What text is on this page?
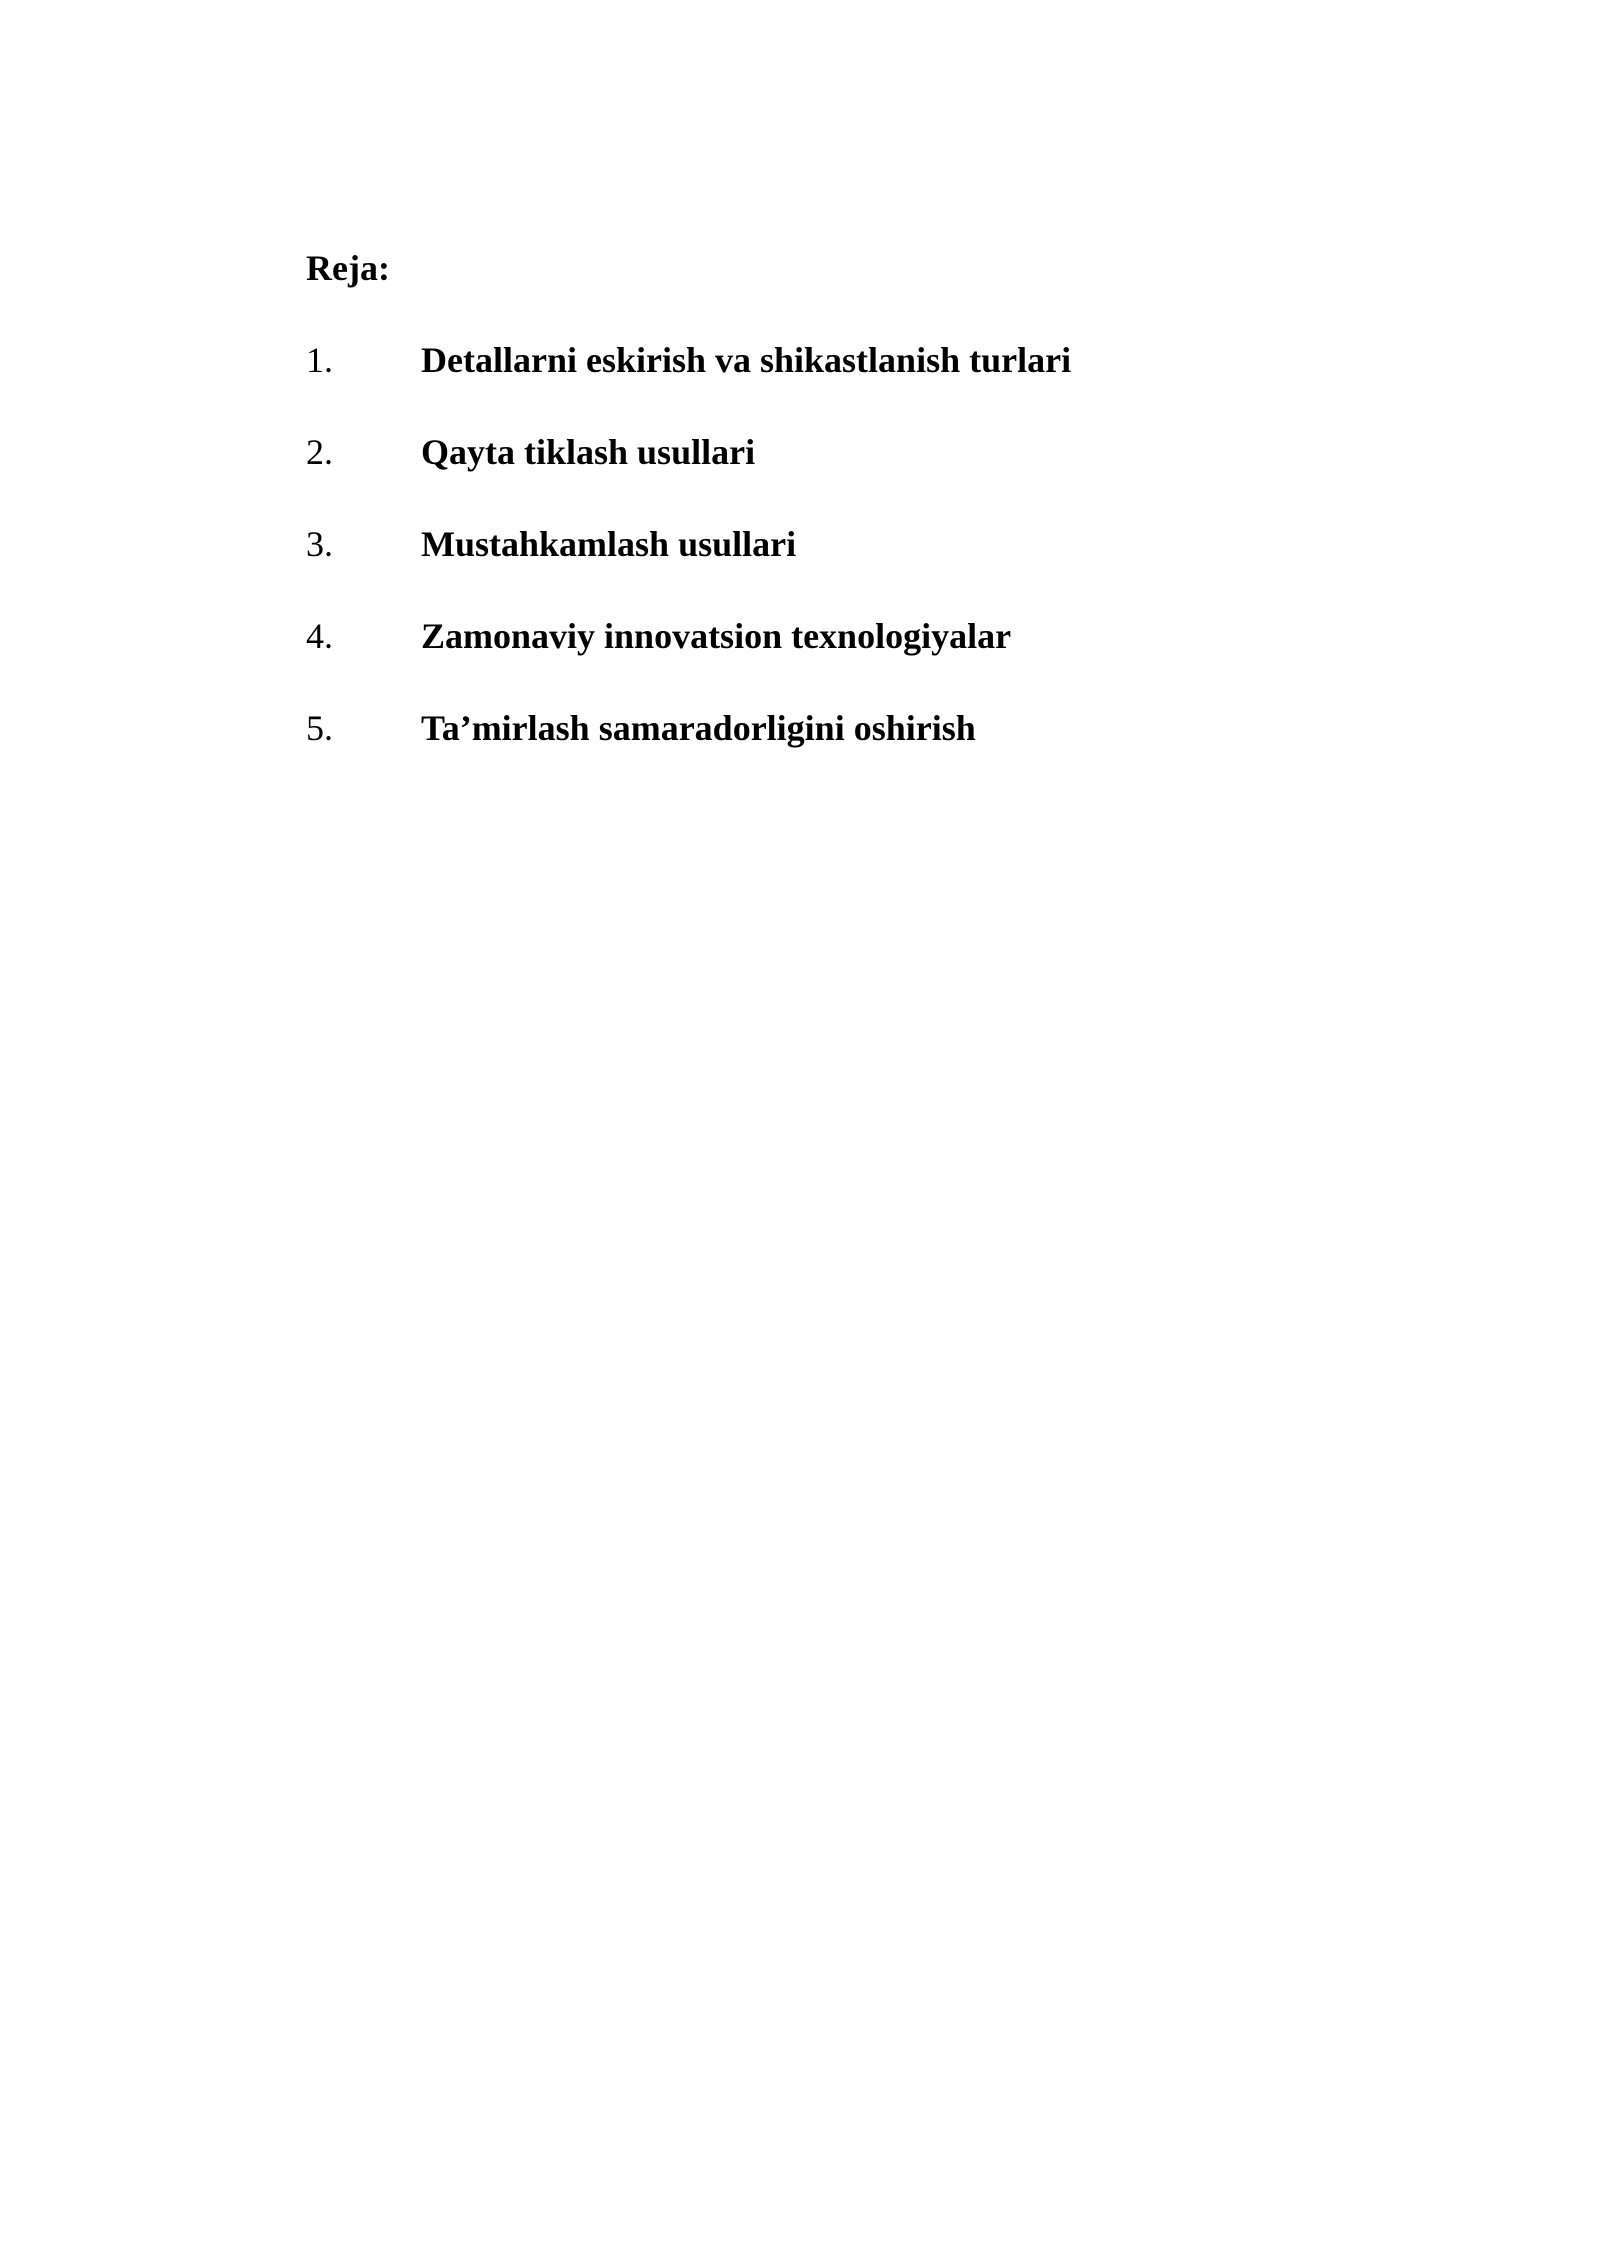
Reja:
1.	Detallarni eskirish va shikastlanish turlari
2.	Qayta tiklash usullari
3.	Mustahkamlash usullari
4.	Zamonaviy innovatsion texnologiyalar
5.	Ta’mirlash samaradorligini oshirish
